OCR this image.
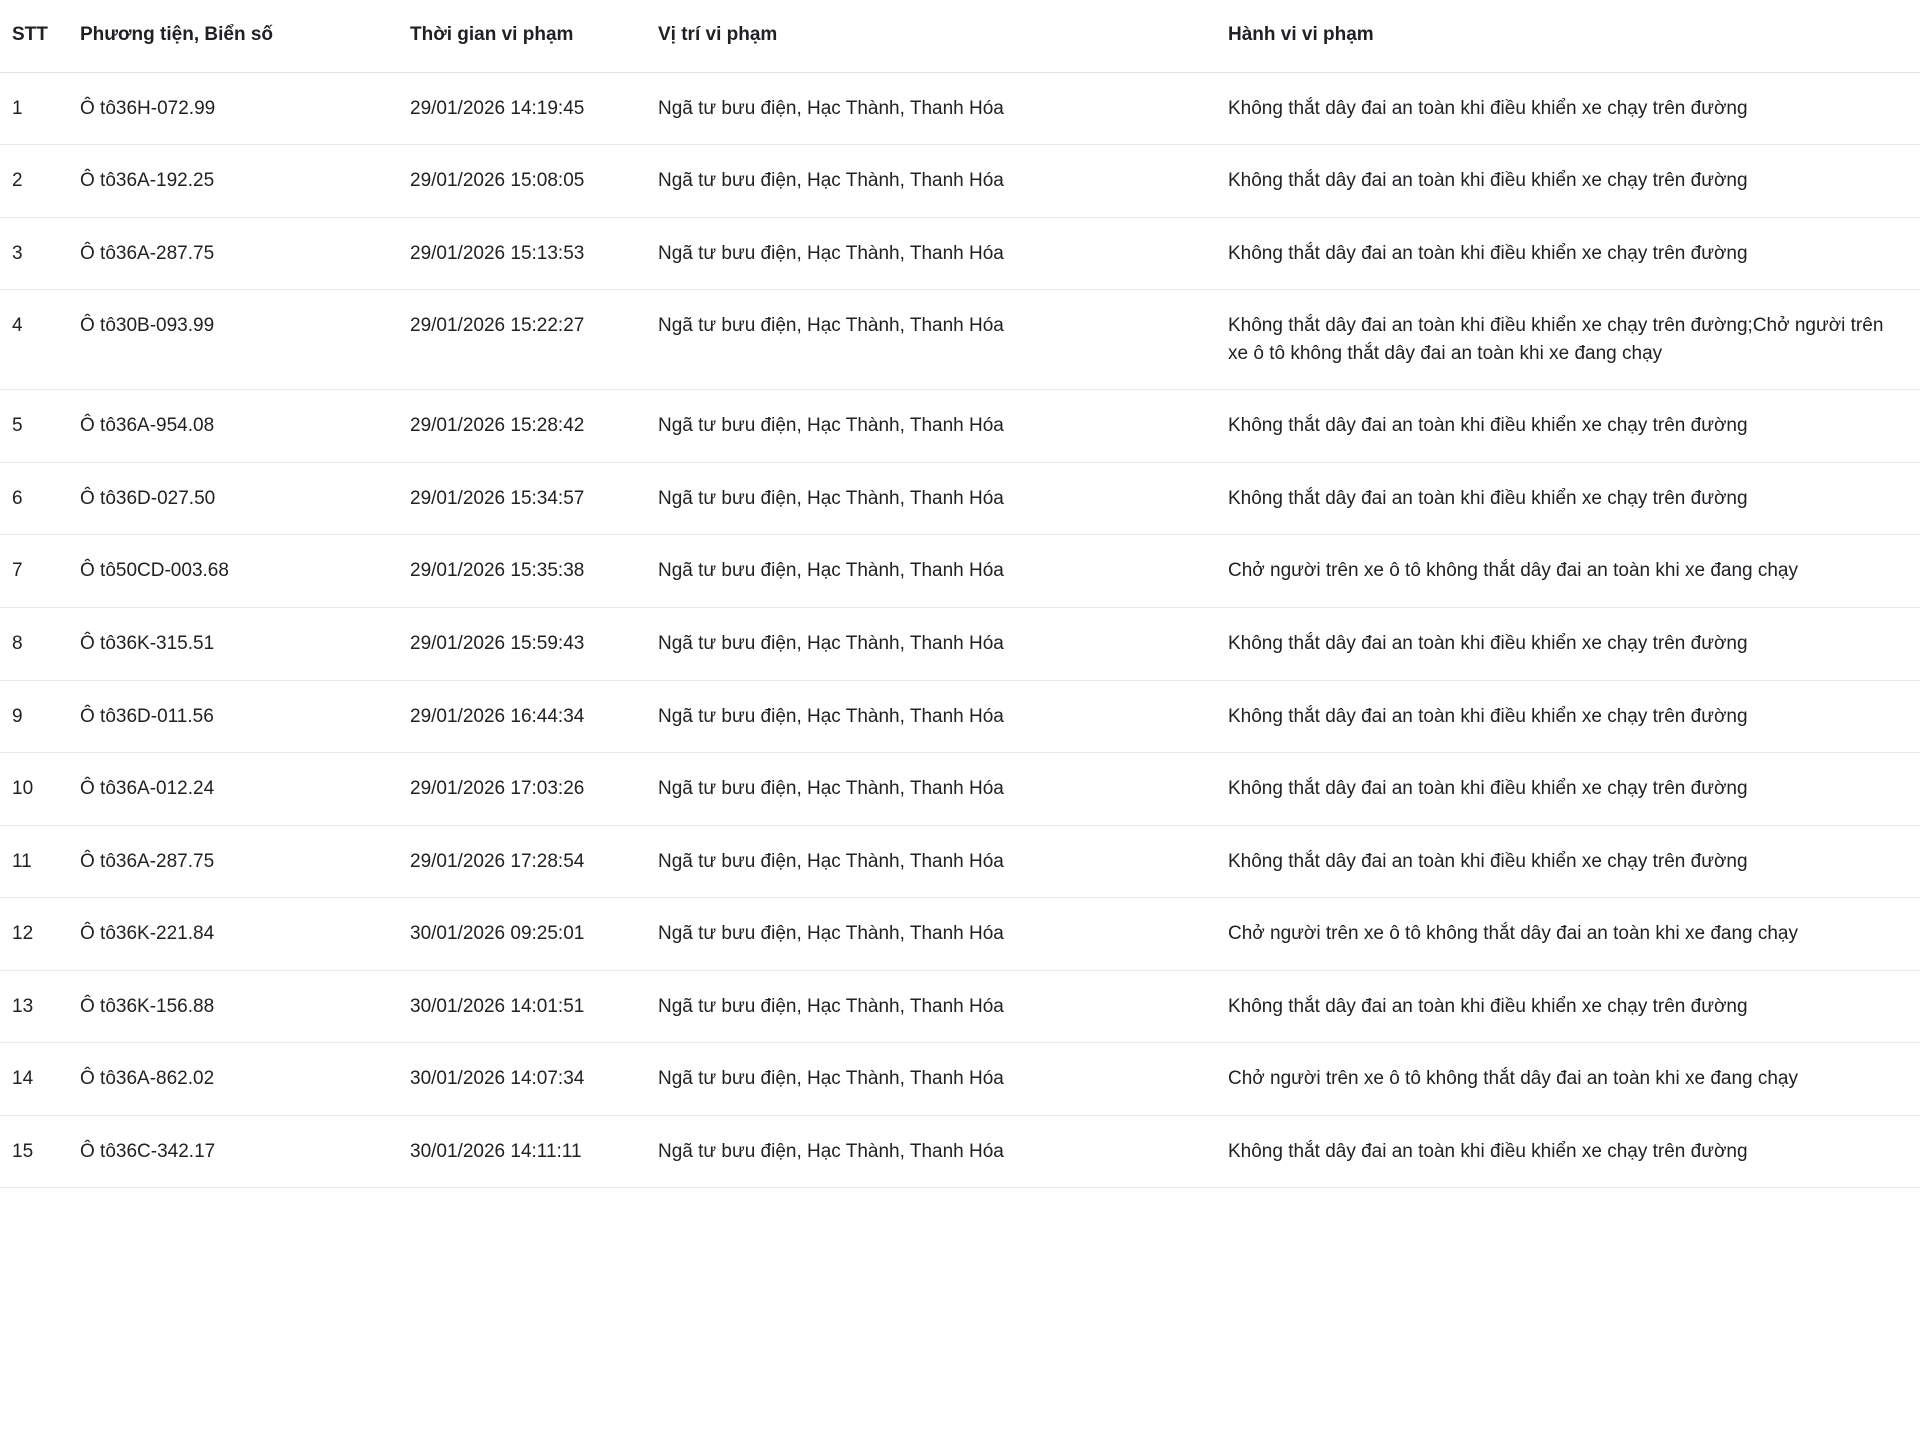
STT	Phương tiện, Biển số	Thời gian vi phạm	Vị trí vi phạm	Hành vi vi phạm
1	Ô tô36H-072.99	29/01/2026 14:19:45	Ngã tư bưu điện, Hạc Thành, Thanh Hóa	Không thắt dây đai an toàn khi điều khiển xe chạy trên đường
2	Ô tô36A-192.25	29/01/2026 15:08:05	Ngã tư bưu điện, Hạc Thành, Thanh Hóa	Không thắt dây đai an toàn khi điều khiển xe chạy trên đường
3	Ô tô36A-287.75	29/01/2026 15:13:53	Ngã tư bưu điện, Hạc Thành, Thanh Hóa	Không thắt dây đai an toàn khi điều khiển xe chạy trên đường
4	Ô tô30B-093.99	29/01/2026 15:22:27	Ngã tư bưu điện, Hạc Thành, Thanh Hóa	Không thắt dây đai an toàn khi điều khiển xe chạy trên đường;Chở người trên xe ô tô không thắt dây đai an toàn khi xe đang chạy
5	Ô tô36A-954.08	29/01/2026 15:28:42	Ngã tư bưu điện, Hạc Thành, Thanh Hóa	Không thắt dây đai an toàn khi điều khiển xe chạy trên đường
6	Ô tô36D-027.50	29/01/2026 15:34:57	Ngã tư bưu điện, Hạc Thành, Thanh Hóa	Không thắt dây đai an toàn khi điều khiển xe chạy trên đường
7	Ô tô50CD-003.68	29/01/2026 15:35:38	Ngã tư bưu điện, Hạc Thành, Thanh Hóa	Chở người trên xe ô tô không thắt dây đai an toàn khi xe đang chạy
8	Ô tô36K-315.51	29/01/2026 15:59:43	Ngã tư bưu điện, Hạc Thành, Thanh Hóa	Không thắt dây đai an toàn khi điều khiển xe chạy trên đường
9	Ô tô36D-011.56	29/01/2026 16:44:34	Ngã tư bưu điện, Hạc Thành, Thanh Hóa	Không thắt dây đai an toàn khi điều khiển xe chạy trên đường
10	Ô tô36A-012.24	29/01/2026 17:03:26	Ngã tư bưu điện, Hạc Thành, Thanh Hóa	Không thắt dây đai an toàn khi điều khiển xe chạy trên đường
11	Ô tô36A-287.75	29/01/2026 17:28:54	Ngã tư bưu điện, Hạc Thành, Thanh Hóa	Không thắt dây đai an toàn khi điều khiển xe chạy trên đường
12	Ô tô36K-221.84	30/01/2026 09:25:01	Ngã tư bưu điện, Hạc Thành, Thanh Hóa	Chở người trên xe ô tô không thắt dây đai an toàn khi xe đang chạy
13	Ô tô36K-156.88	30/01/2026 14:01:51	Ngã tư bưu điện, Hạc Thành, Thanh Hóa	Không thắt dây đai an toàn khi điều khiển xe chạy trên đường
14	Ô tô36A-862.02	30/01/2026 14:07:34	Ngã tư bưu điện, Hạc Thành, Thanh Hóa	Chở người trên xe ô tô không thắt dây đai an toàn khi xe đang chạy
15	Ô tô36C-342.17	30/01/2026 14:11:11	Ngã tư bưu điện, Hạc Thành, Thanh Hóa	Không thắt dây đai an toàn khi điều khiển xe chạy trên đường
